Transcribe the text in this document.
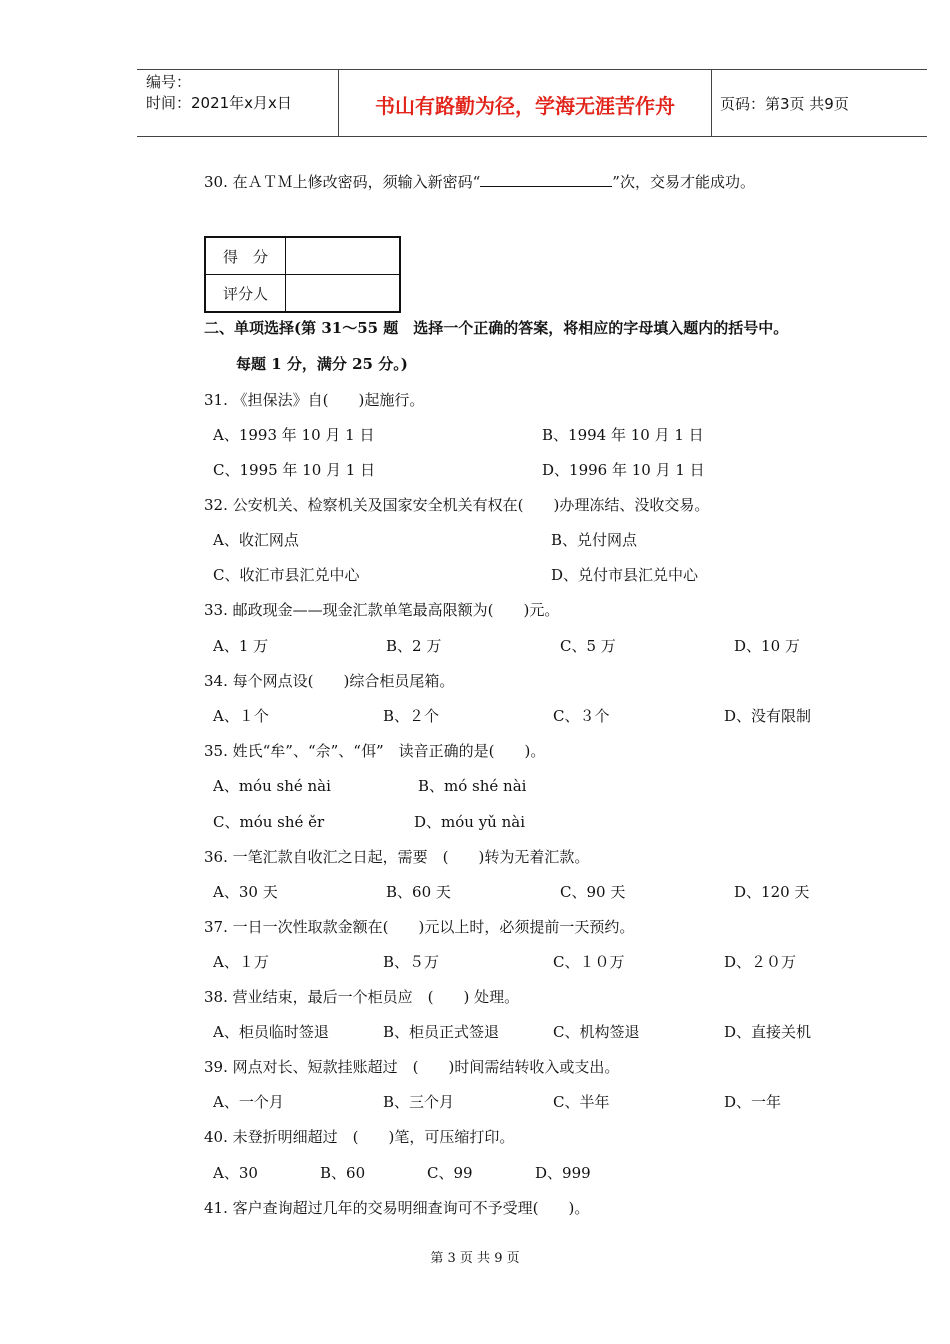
编号：
时间：2021年x月x日	书山有路勤为径，学海无涯苦作舟	页码：第3页 共9页
30. 在ＡＴＭ上修改密码，须输入新密码“	”次，交易才能成功。
得　分	
评分人	
二、单项选择(第 31～55 题　选择一个正确的答案，将相应的字母填入题内的括号中。
每题 1 分，满分 25 分。)
31. 《担保法》自(　　)起施行。
A、1993 年 10 月 1 日	B、1994 年 10 月 1 日
C、1995 年 10 月 1 日	D、1996 年 10 月 1 日
32. 公安机关、检察机关及国家安全机关有权在(　　)办理冻结、没收交易。
A、收汇网点	B、兑付网点
C、收汇市县汇兑中心	D、兑付市县汇兑中心
33. 邮政现金——现金汇款单笔最高限额为(　　)元。
A、1 万	B、2 万	C、5 万	D、10 万
34. 每个网点设(　　)综合柜员尾箱。
A、１个	B、２个	C、３个	D、没有限制
35. 姓氏“牟”、“佘”、“佴”　读音正确的是(　　)。
A、móu shé nài	B、mó shé nài
C、móu shé ěr	D、móu yǔ nài
36. 一笔汇款自收汇之日起，需要　(　　)转为无着汇款。
A、30 天	B、60 天	C、90 天	D、120 天
37. 一日一次性取款金额在(　　)元以上时，必须提前一天预约。
A、１万	B、５万	C、１０万	D、２０万
38. 营业结束，最后一个柜员应　(　　) 处理。
A、柜员临时签退	B、柜员正式签退	C、机构签退	D、直接关机
39. 网点对长、短款挂账超过　(　　)时间需结转收入或支出。
A、一个月	B、三个月	C、半年	D、一年
40. 未登折明细超过　(　　)笔，可压缩打印。
A、30	B、60	C、99	D、999
41. 客户查询超过几年的交易明细查询可不予受理(　　)。
第 3 页 共 9 页
